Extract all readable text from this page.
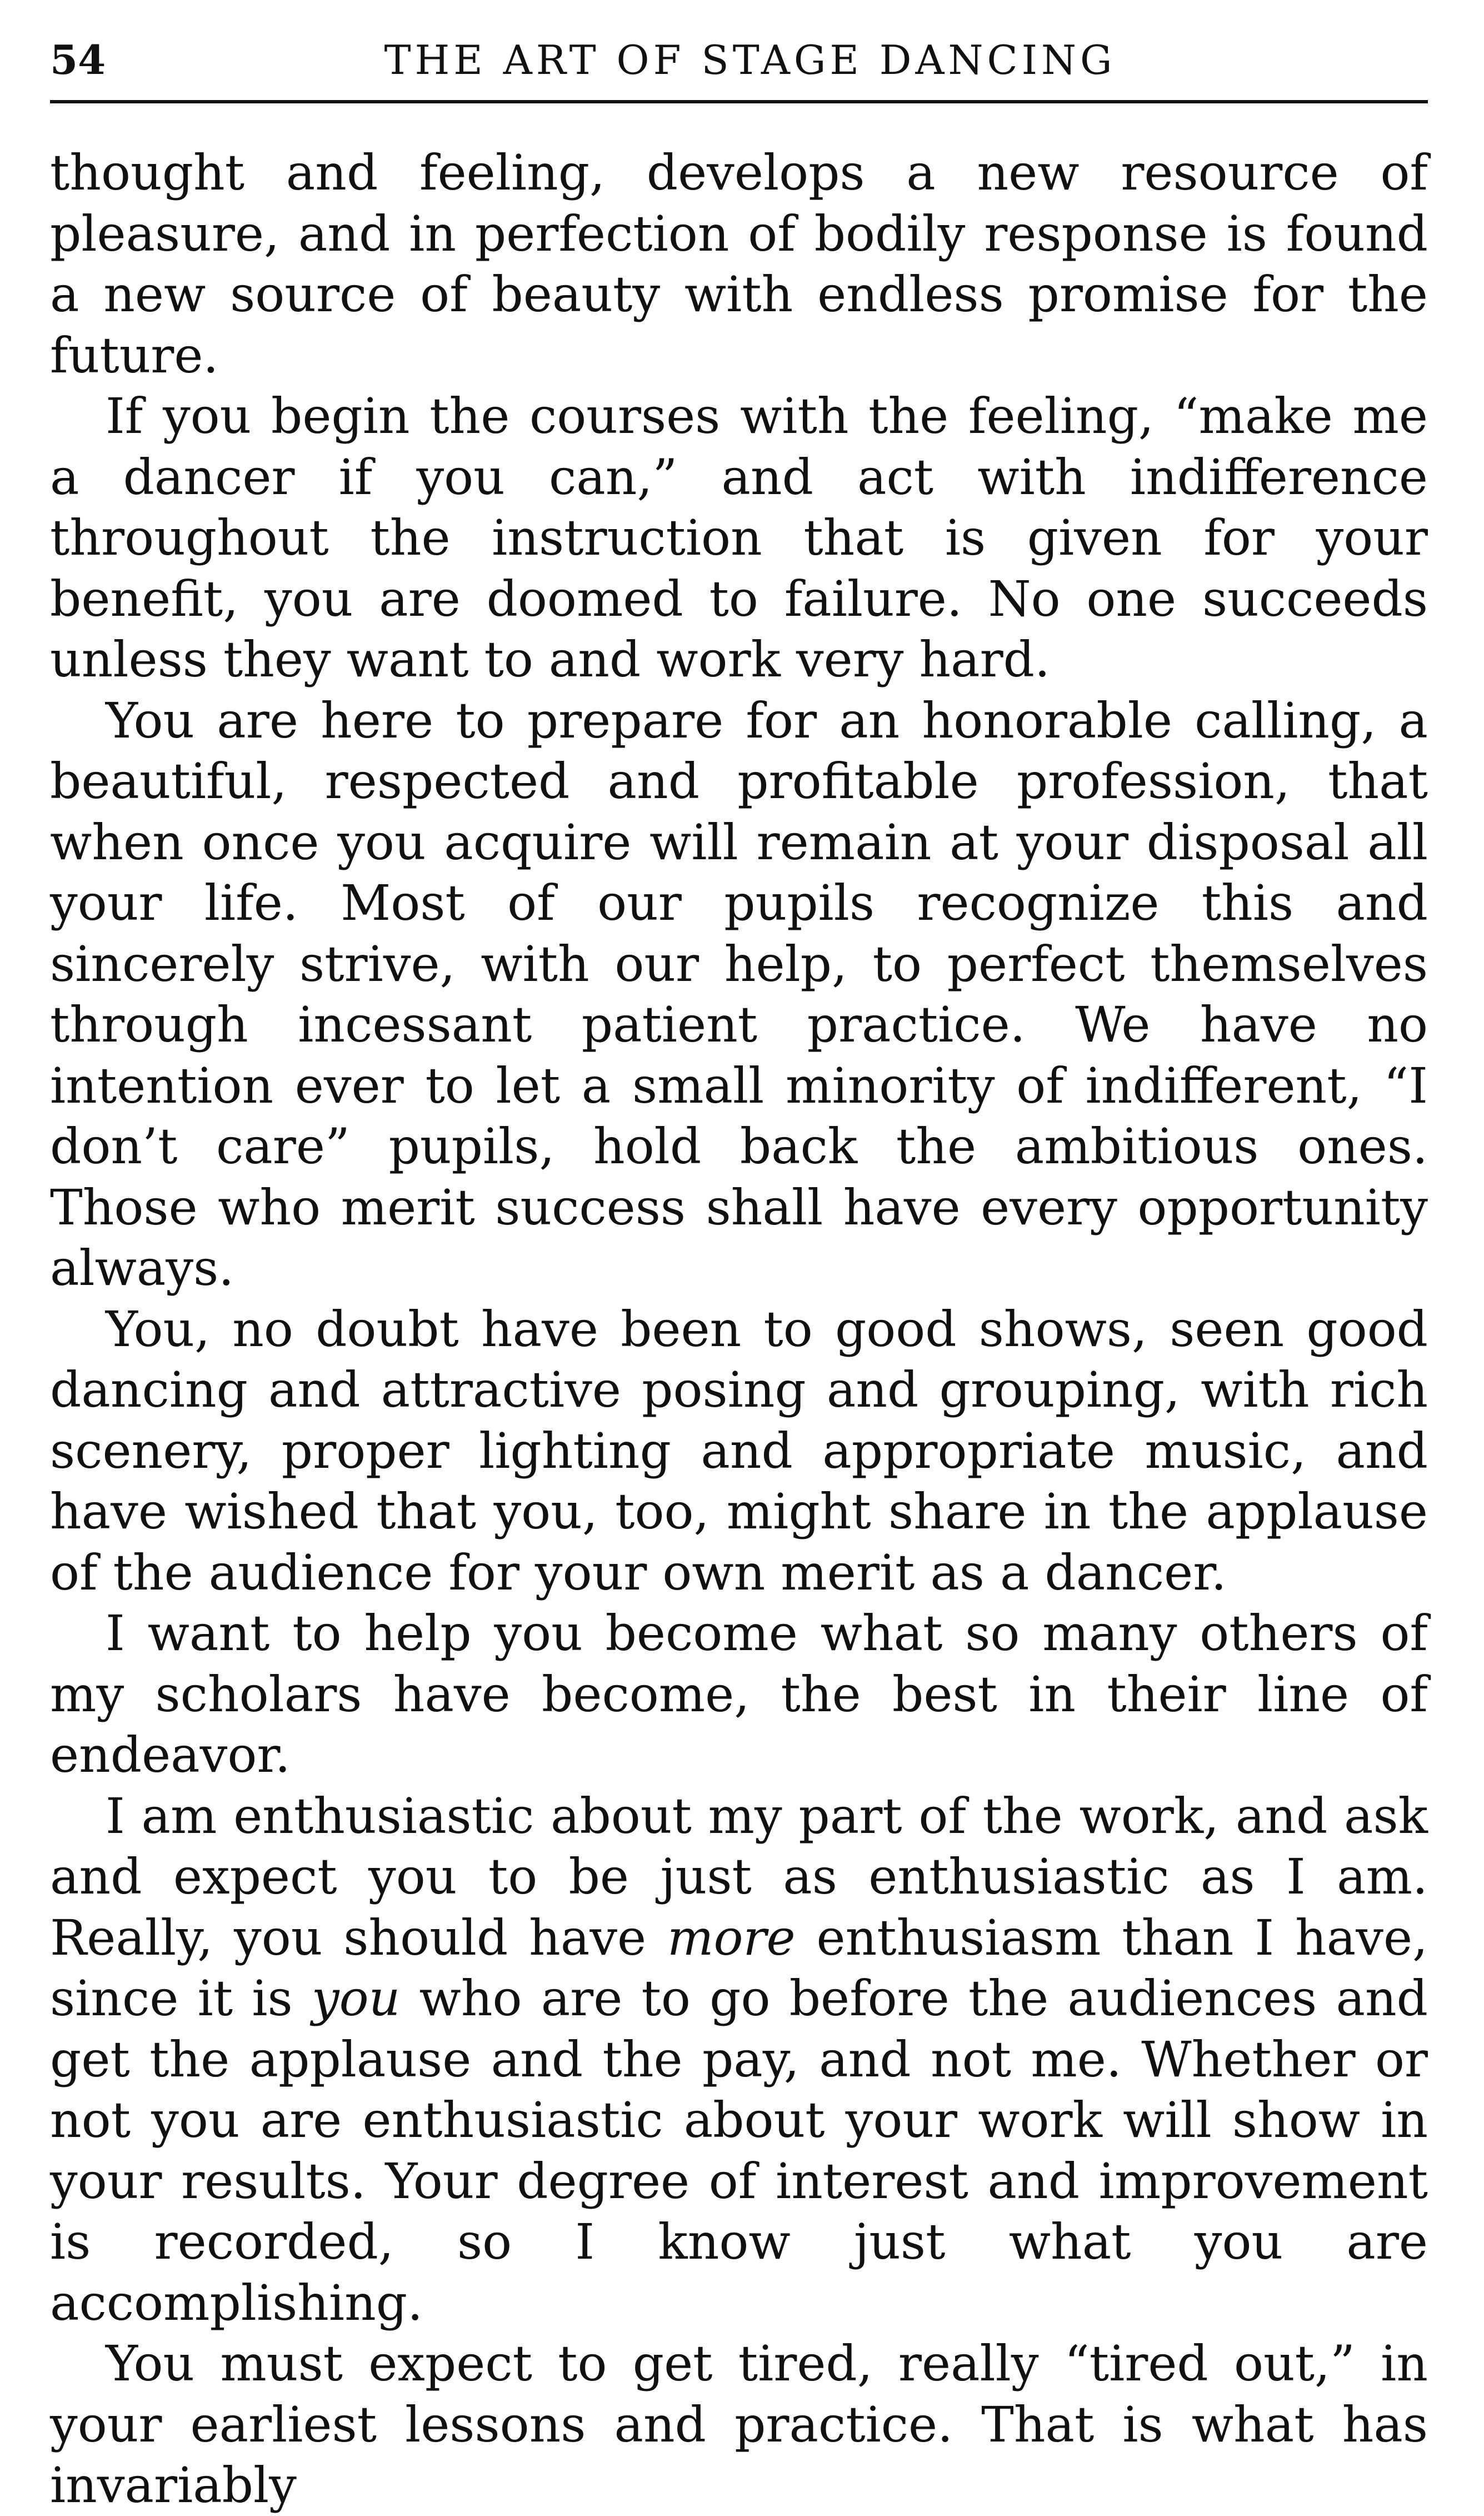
54	THE ART OF STAGE DANCING

thought and feeling, develops a new resource of pleasure, and in perfection of bodily response is found a new source of beauty with endless promise for the future.

If you begin the courses with the feeling, “make me a dancer if you can,” and act with indifference throughout the instruction that is given for your benefit, you are doomed to failure. No one succeeds unless they want to and work very hard.

You are here to prepare for an honorable calling, a beautiful, respected and profitable profession, that when once you acquire will remain at your disposal all your life. Most of our pupils recognize this and sincerely strive, with our help, to perfect themselves through incessant patient practice. We have no intention ever to let a small minority of indifferent, “I don’t care” pupils, hold back the ambitious ones. Those who merit success shall have every opportunity always.

You, no doubt have been to good shows, seen good dancing and attractive posing and grouping, with rich scenery, proper lighting and appropriate music, and have wished that you, too, might share in the applause of the audience for your own merit as a dancer.

I want to help you become what so many others of my scholars have become, the best in their line of endeavor.

I am enthusiastic about my part of the work, and ask and expect you to be just as enthusiastic as I am. Really, you should have more enthusiasm than I have, since it is you who are to go before the audiences and get the applause and the pay, and not me. Whether or not you are enthusiastic about your work will show in your results. Your degree of interest and improvement is recorded, so I know just what you are accomplishing.

You must expect to get tired, really “tired out,” in your earliest lessons and practice. That is what has invariably
